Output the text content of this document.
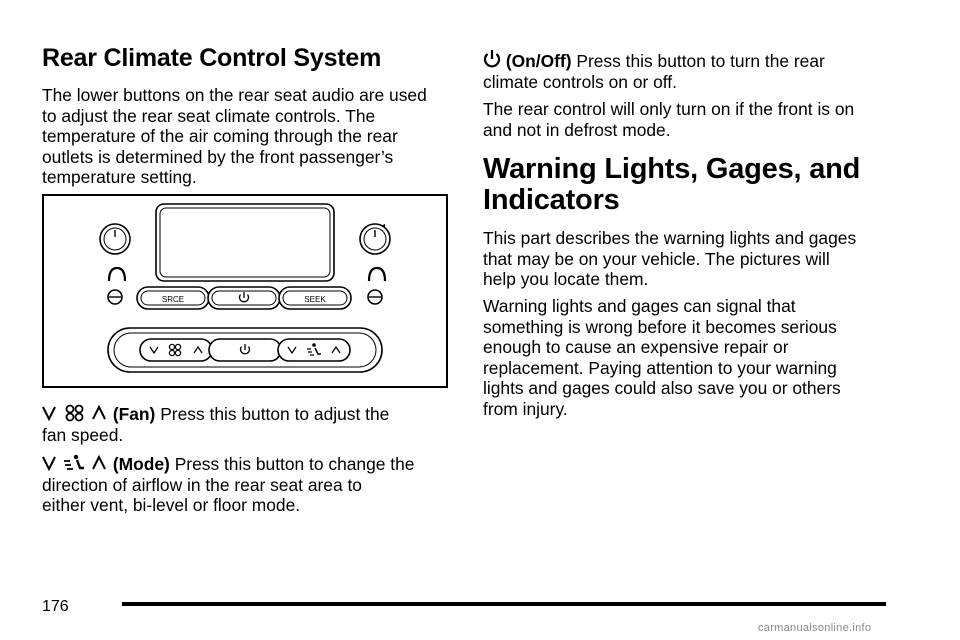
Rear Climate Control System

The lower buttons on the rear seat audio are used
to adjust the rear seat climate controls. The
temperature of the air coming through the rear
outlets is determined by the front passenger’s
temperature setting.

SRCE	SEEK

(Fan) Press this button to adjust the
fan speed.

(Mode) Press this button to change the
direction of airflow in the rear seat area to
either vent, bi-level or floor mode.

(On/Off) Press this button to turn the rear
climate controls on or off.

The rear control will only turn on if the front is on
and not in defrost mode.

Warning Lights, Gages, and
Indicators

This part describes the warning lights and gages
that may be on your vehicle. The pictures will
help you locate them.

Warning lights and gages can signal that
something is wrong before it becomes serious
enough to cause an expensive repair or
replacement. Paying attention to your warning
lights and gages could also save you or others
from injury.

176
carmanualsonline.info
